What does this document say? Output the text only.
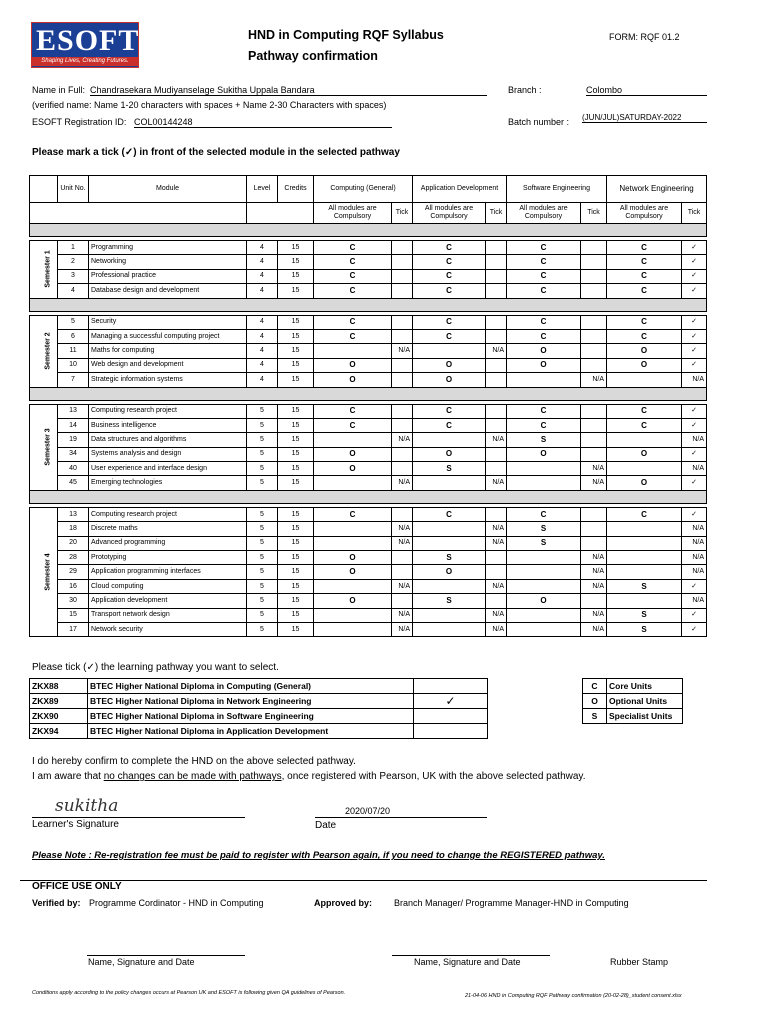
ESOFT
Shaping Lives, Creating Futures.
HND in Computing RQF Syllabus
Pathway confirmation
FORM: RQF 01.2
Name in Full: Chandrasekara Mudiyanselage Sukitha Uppala Bandara
(verified name: Name 1-20 characters with spaces + Name 2-30 Characters with spaces)
ESOFT Registration ID: COL00144248
Branch :	Colombo
Batch number : (JUN/JUL)SATURDAY-2022
Please mark a tick (✓) in front of the selected module in the selected pathway
	Unit No.	Module	Level	Credits	Computing (General)		Application Development		Software Engineering		Network Engineering	
					All modules are Compulsory	Tick	All modules are Compulsory	Tick	All modules are Compulsory	Tick	All modules are Compulsory	Tick

Semester 1	1	Programming	4	15	C		C		C		C	✓
	2	Networking	4	15	C		C		C		C	✓
	3	Professional practice	4	15	C		C		C		C	✓
	4	Database design and development	4	15	C		C		C		C	✓

Semester 2	5	Security	4	15	C		C		C		C	✓
	6	Managing a successful computing project	4	15	C		C		C		C	✓
	11	Maths for computing	4	15		N/A		N/A	O		O	✓
	10	Web design and development	4	15	O		O		O		O	✓
	7	Strategic information systems	4	15	O		O			N/A		N/A

Semester 3	13	Computing research project	5	15	C		C		C		C	✓
	14	Business intelligence	5	15	C		C		C		C	✓
	19	Data structures and algorithms	5	15		N/A		N/A	S			N/A
	34	Systems analysis and design	5	15	O		O		O		O	✓
	40	User experience and interface design	5	15	O		S			N/A		N/A
	45	Emerging technologies	5	15		N/A		N/A		N/A	O	✓

Semester 4	13	Computing research project	5	15	C		C		C		C	✓
	18	Discrete maths	5	15		N/A		N/A	S			N/A
	20	Advanced programming	5	15		N/A		N/A	S			N/A
	28	Prototyping	5	15	O		S			N/A		N/A
	29	Application programming interfaces	5	15	O		O			N/A		N/A
	16	Cloud computing	5	15		N/A		N/A		N/A	S	✓
	30	Application development	5	15	O		S		O			N/A
	15	Transport network design	5	15		N/A		N/A		N/A	S	✓
	17	Network security	5	15		N/A		N/A		N/A	S	✓
Please tick (✓) the learning pathway you want to select.
ZKX88	BTEC Higher National Diploma in Computing (General)	
ZKX89	BTEC Higher National Diploma in Network Engineering	✓
ZKX90	BTEC Higher National Diploma in Software Engineering	
ZKX94	BTEC Higher National Diploma in Application Development	
C	Core Units
O	Optional Units
S	Specialist Units
I do hereby confirm to complete the HND on the above selected pathway.
I am aware that no changes can be made with pathways, once registered with Pearson, UK with the above selected pathway.
sukitha
Learner's Signature
2020/07/20
Date
Please Note : Re-registration fee must be paid to register with Pearson again, if you need to change the REGISTERED pathway.
OFFICE USE ONLY
Verified by: Programme Cordinator - HND in Computing	Approved by: Branch Manager/ Programme Manager-HND in Computing
Name, Signature and Date	Name, Signature and Date	Rubber Stamp
Conditions apply according to the policy changes occurs at Pearson UK and ESOFT is following given QA guidelines of Pearson.	21-04-06 HND in Computing RQF Pathway confirmation (20-02-28)_student consent.xlsx
